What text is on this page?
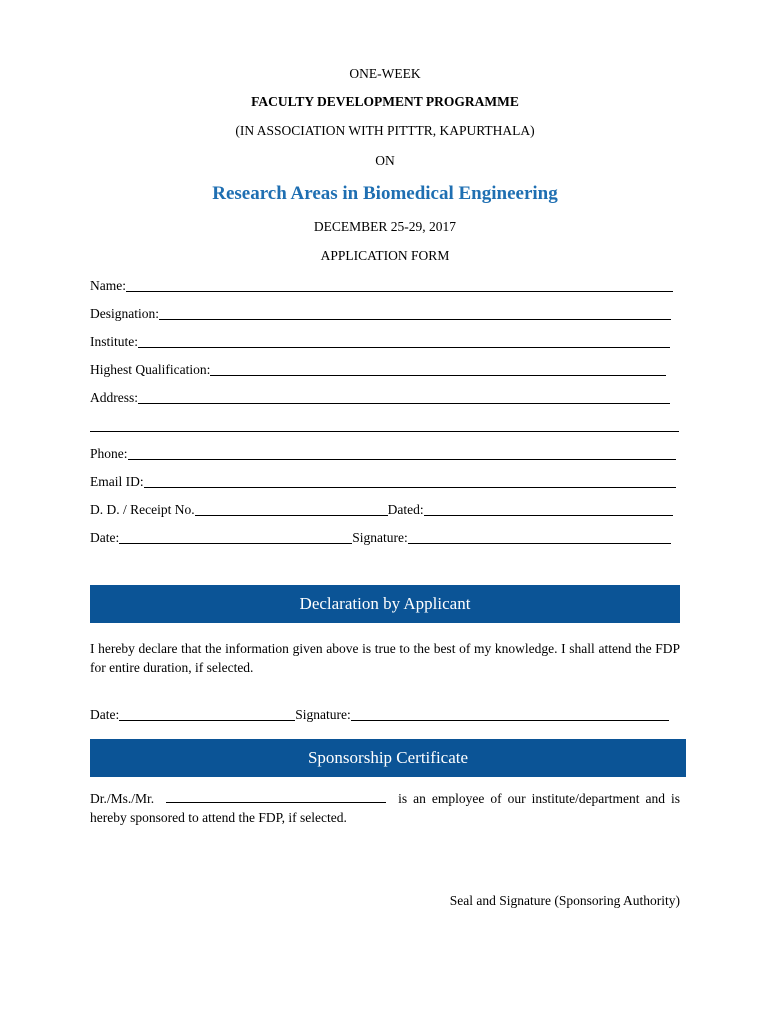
ONE-WEEK
FACULTY DEVELOPMENT PROGRAMME
(IN ASSOCIATION WITH PITTTR, KAPURTHALA)
ON
Research Areas in Biomedical Engineering
DECEMBER 25-29, 2017
APPLICATION FORM
Name:
Designation:
Institute:
Highest Qualification:
Address:
Phone:
Email ID:
D. D. / Receipt No.	Dated:
Date:	Signature:
Declaration by Applicant
I hereby declare that the information given above is true to the best of my knowledge. I shall attend the FDP for entire duration, if selected.
Date:	Signature:
Sponsorship Certificate
Dr./Ms./Mr.	is an employee of our institute/department and is hereby sponsored to attend the FDP, if selected.
Seal and Signature (Sponsoring Authority)
